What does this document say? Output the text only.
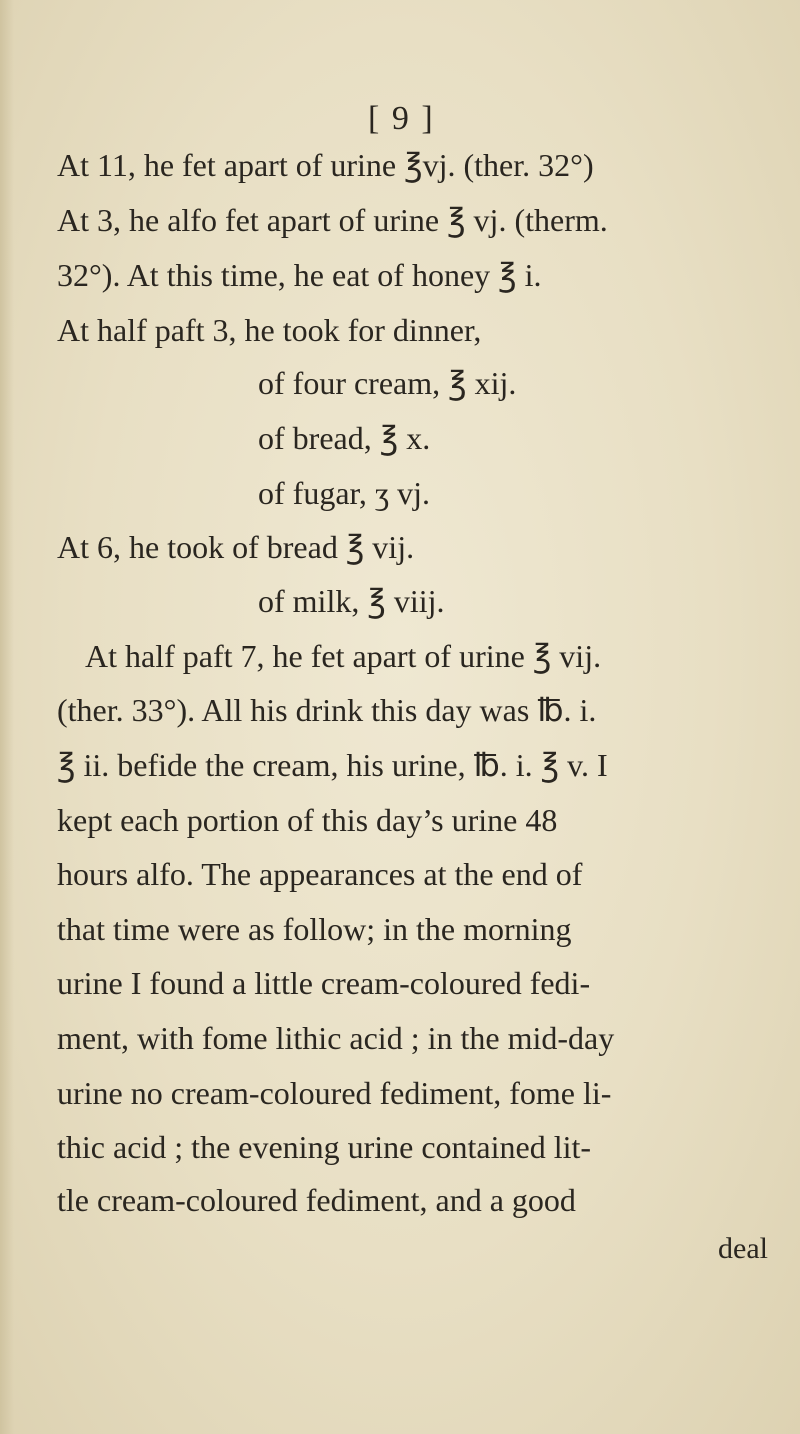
[ 9 ]
At 11, he fet apart of urine ℥vj. (ther. 32°)
At 3, he alfo fet apart of urine ℥ vj. (therm.
32°). At this time, he eat of honey ℥ i.
At half paft 3, he took for dinner,
of four cream, ℥ xij.
of bread, ℥ x.
of fugar, ʒ vj.
At 6, he took of bread ℥ vij.
of milk, ℥ viij.
At half paft 7, he fet apart of urine ℥ vij.
(ther. 33°). All his drink this day was ℔. i.
℥ ii. befide the cream, his urine, ℔. i. ℥ v. I
kept each portion of this day’s urine 48
hours alfo. The appearances at the end of
that time were as follow; in the morning
urine I found a little cream-coloured fedi-
ment, with fome lithic acid ; in the mid-day
urine no cream-coloured fediment, fome li-
thic acid ; the evening urine contained lit-
tle cream-coloured fediment, and a good
deal
